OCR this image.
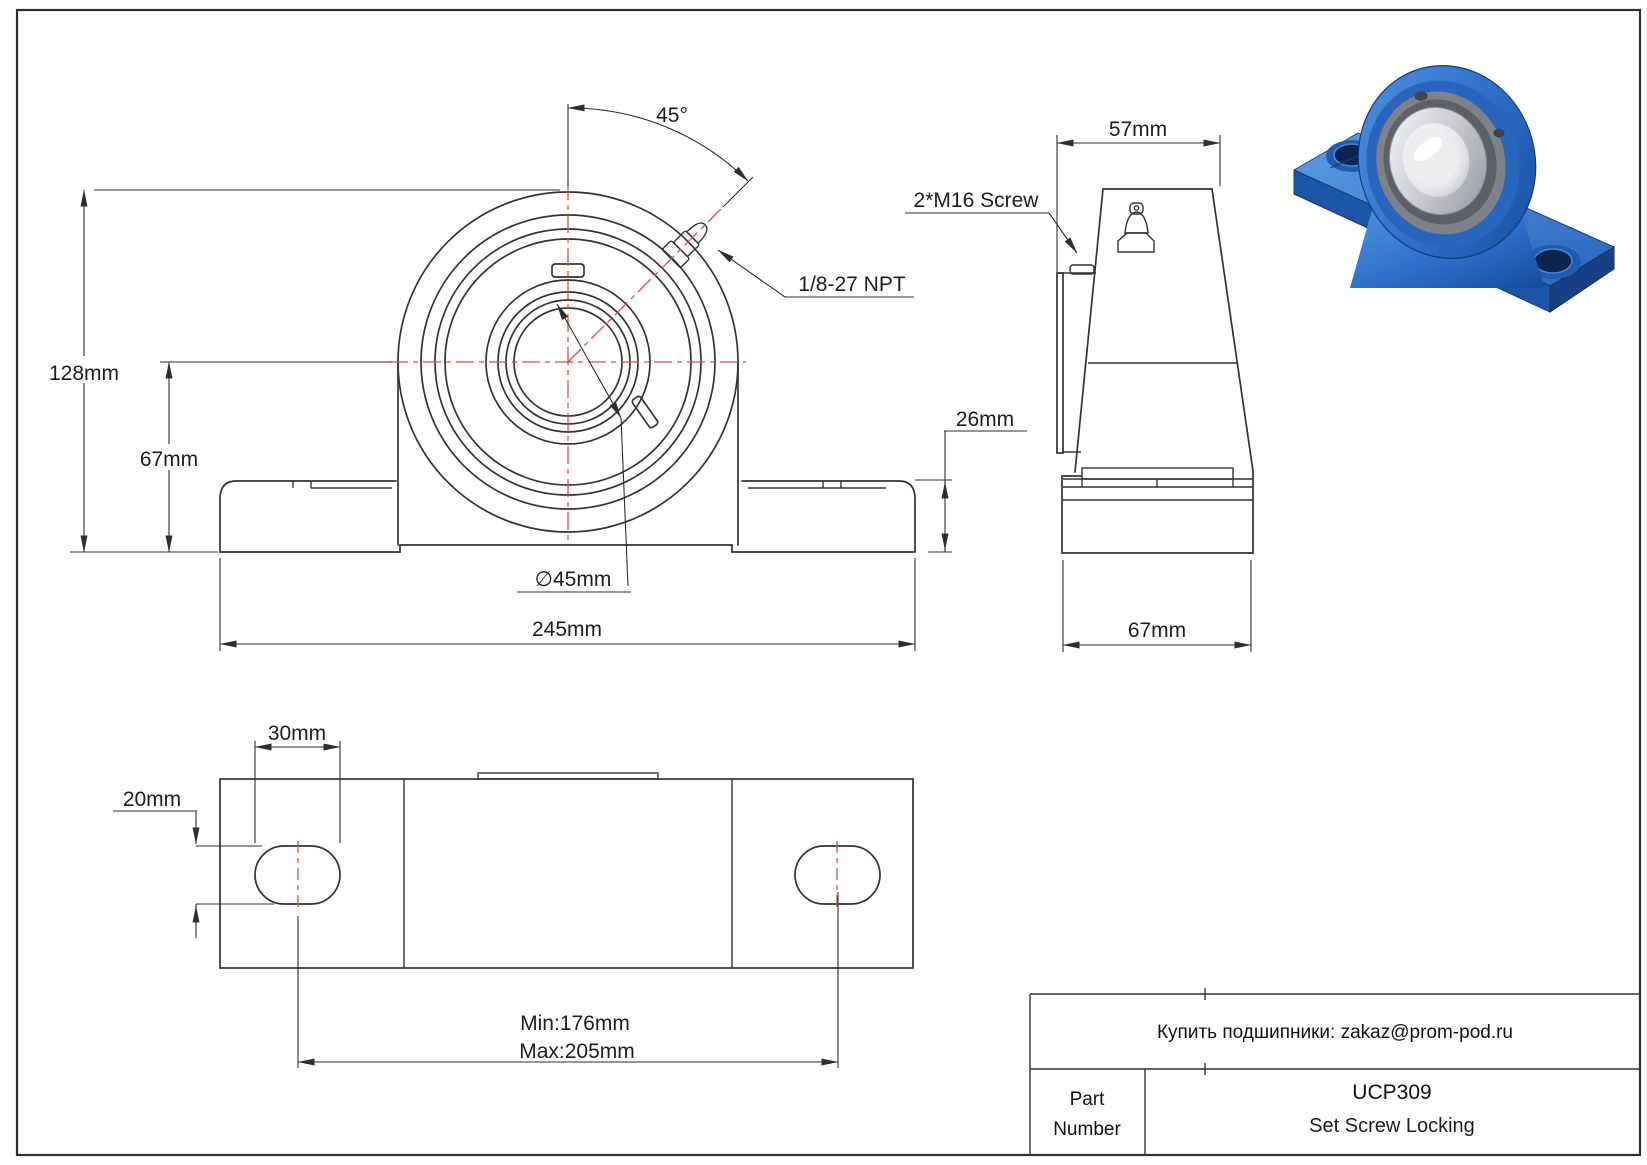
128mm
67mm
45°
1/8-27 NPT
∅45mm
245mm
57mm
2*M16 Screw
26mm
67mm
30mm
20mm
Min:176mm
Max:205mm
Купить подшипники: zakaz@prom-pod.ru
Part
Number
UCP309
Set Screw Locking
